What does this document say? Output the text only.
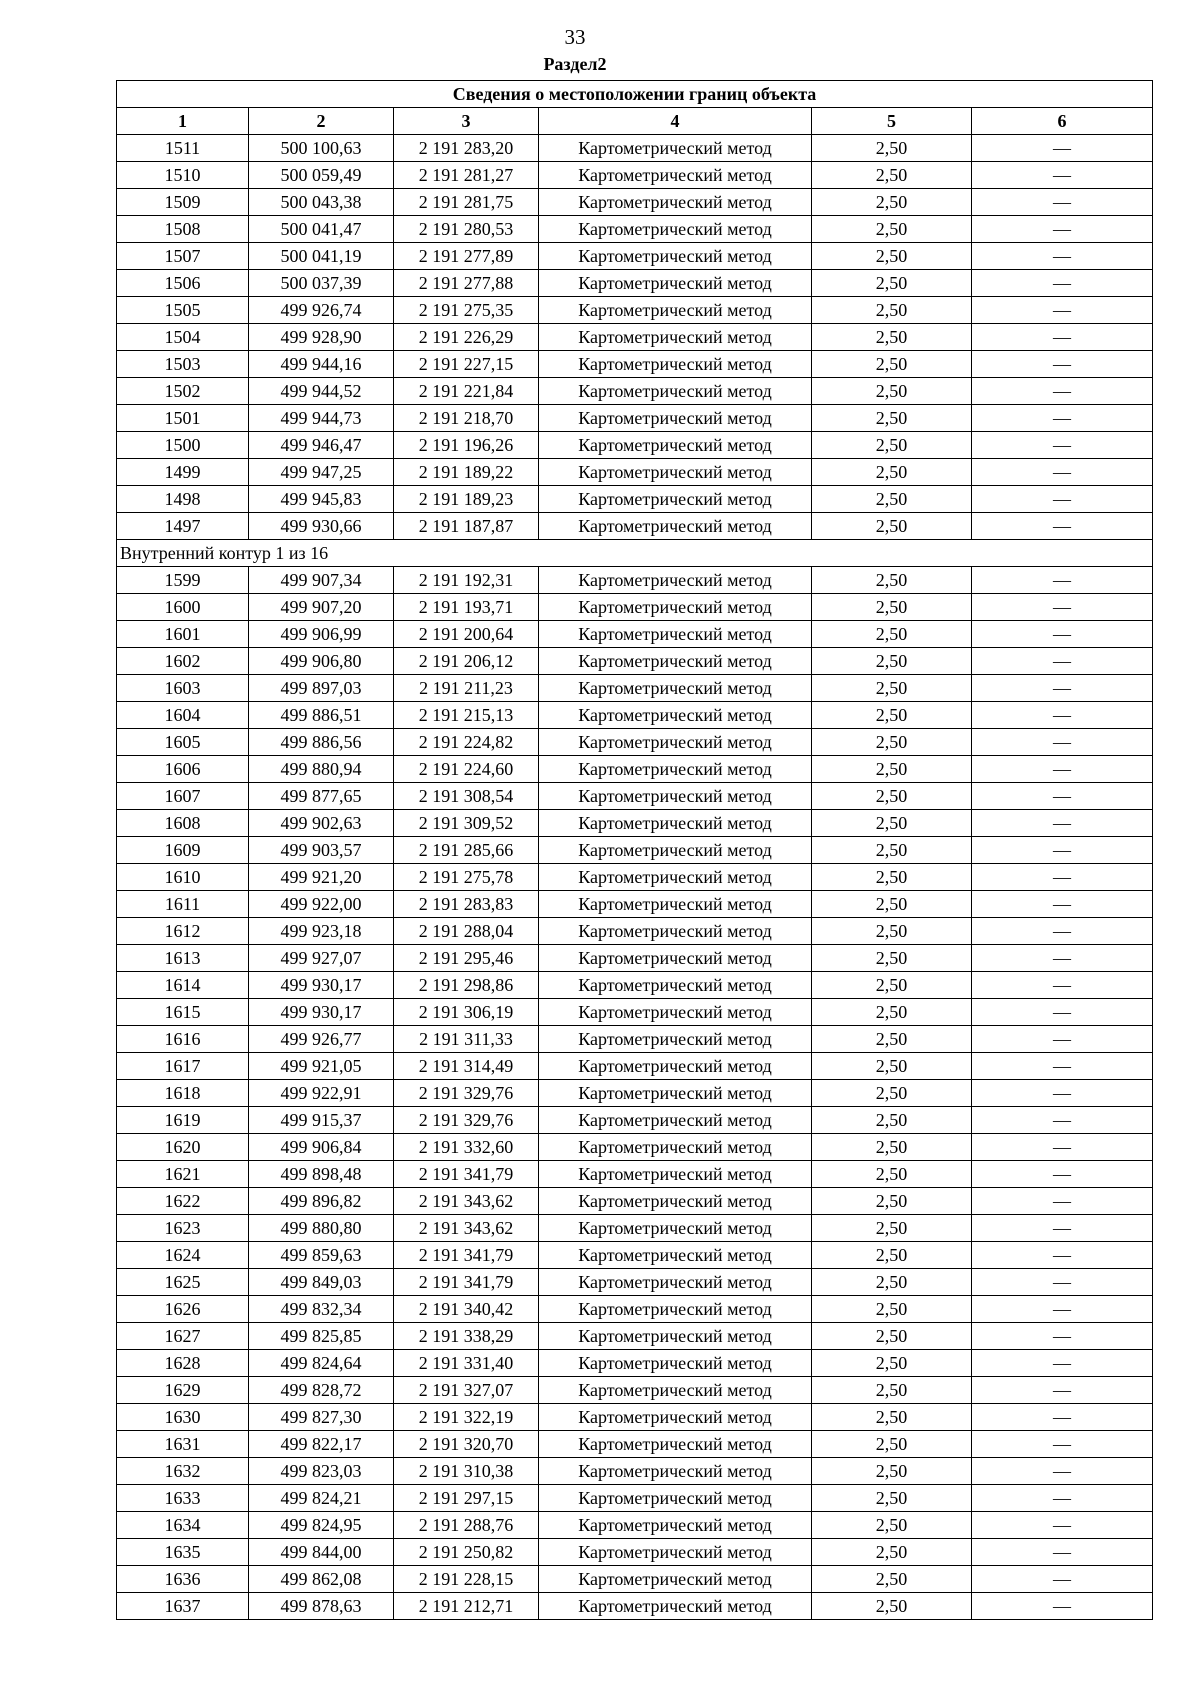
33
Раздел2
Сведения о местоположении границ объекта					
1	2	3	4	5	6
1511	500 100,63	2 191 283,20	Картометрический метод	2,50	—
1510	500 059,49	2 191 281,27	Картометрический метод	2,50	—
1509	500 043,38	2 191 281,75	Картометрический метод	2,50	—
1508	500 041,47	2 191 280,53	Картометрический метод	2,50	—
1507	500 041,19	2 191 277,89	Картометрический метод	2,50	—
1506	500 037,39	2 191 277,88	Картометрический метод	2,50	—
1505	499 926,74	2 191 275,35	Картометрический метод	2,50	—
1504	499 928,90	2 191 226,29	Картометрический метод	2,50	—
1503	499 944,16	2 191 227,15	Картометрический метод	2,50	—
1502	499 944,52	2 191 221,84	Картометрический метод	2,50	—
1501	499 944,73	2 191 218,70	Картометрический метод	2,50	—
1500	499 946,47	2 191 196,26	Картометрический метод	2,50	—
1499	499 947,25	2 191 189,22	Картометрический метод	2,50	—
1498	499 945,83	2 191 189,23	Картометрический метод	2,50	—
1497	499 930,66	2 191 187,87	Картометрический метод	2,50	—
Внутренний контур 1 из 16					
1599	499 907,34	2 191 192,31	Картометрический метод	2,50	—
1600	499 907,20	2 191 193,71	Картометрический метод	2,50	—
1601	499 906,99	2 191 200,64	Картометрический метод	2,50	—
1602	499 906,80	2 191 206,12	Картометрический метод	2,50	—
1603	499 897,03	2 191 211,23	Картометрический метод	2,50	—
1604	499 886,51	2 191 215,13	Картометрический метод	2,50	—
1605	499 886,56	2 191 224,82	Картометрический метод	2,50	—
1606	499 880,94	2 191 224,60	Картометрический метод	2,50	—
1607	499 877,65	2 191 308,54	Картометрический метод	2,50	—
1608	499 902,63	2 191 309,52	Картометрический метод	2,50	—
1609	499 903,57	2 191 285,66	Картометрический метод	2,50	—
1610	499 921,20	2 191 275,78	Картометрический метод	2,50	—
1611	499 922,00	2 191 283,83	Картометрический метод	2,50	—
1612	499 923,18	2 191 288,04	Картометрический метод	2,50	—
1613	499 927,07	2 191 295,46	Картометрический метод	2,50	—
1614	499 930,17	2 191 298,86	Картометрический метод	2,50	—
1615	499 930,17	2 191 306,19	Картометрический метод	2,50	—
1616	499 926,77	2 191 311,33	Картометрический метод	2,50	—
1617	499 921,05	2 191 314,49	Картометрический метод	2,50	—
1618	499 922,91	2 191 329,76	Картометрический метод	2,50	—
1619	499 915,37	2 191 329,76	Картометрический метод	2,50	—
1620	499 906,84	2 191 332,60	Картометрический метод	2,50	—
1621	499 898,48	2 191 341,79	Картометрический метод	2,50	—
1622	499 896,82	2 191 343,62	Картометрический метод	2,50	—
1623	499 880,80	2 191 343,62	Картометрический метод	2,50	—
1624	499 859,63	2 191 341,79	Картометрический метод	2,50	—
1625	499 849,03	2 191 341,79	Картометрический метод	2,50	—
1626	499 832,34	2 191 340,42	Картометрический метод	2,50	—
1627	499 825,85	2 191 338,29	Картометрический метод	2,50	—
1628	499 824,64	2 191 331,40	Картометрический метод	2,50	—
1629	499 828,72	2 191 327,07	Картометрический метод	2,50	—
1630	499 827,30	2 191 322,19	Картометрический метод	2,50	—
1631	499 822,17	2 191 320,70	Картометрический метод	2,50	—
1632	499 823,03	2 191 310,38	Картометрический метод	2,50	—
1633	499 824,21	2 191 297,15	Картометрический метод	2,50	—
1634	499 824,95	2 191 288,76	Картометрический метод	2,50	—
1635	499 844,00	2 191 250,82	Картометрический метод	2,50	—
1636	499 862,08	2 191 228,15	Картометрический метод	2,50	—
1637	499 878,63	2 191 212,71	Картометрический метод	2,50	—
